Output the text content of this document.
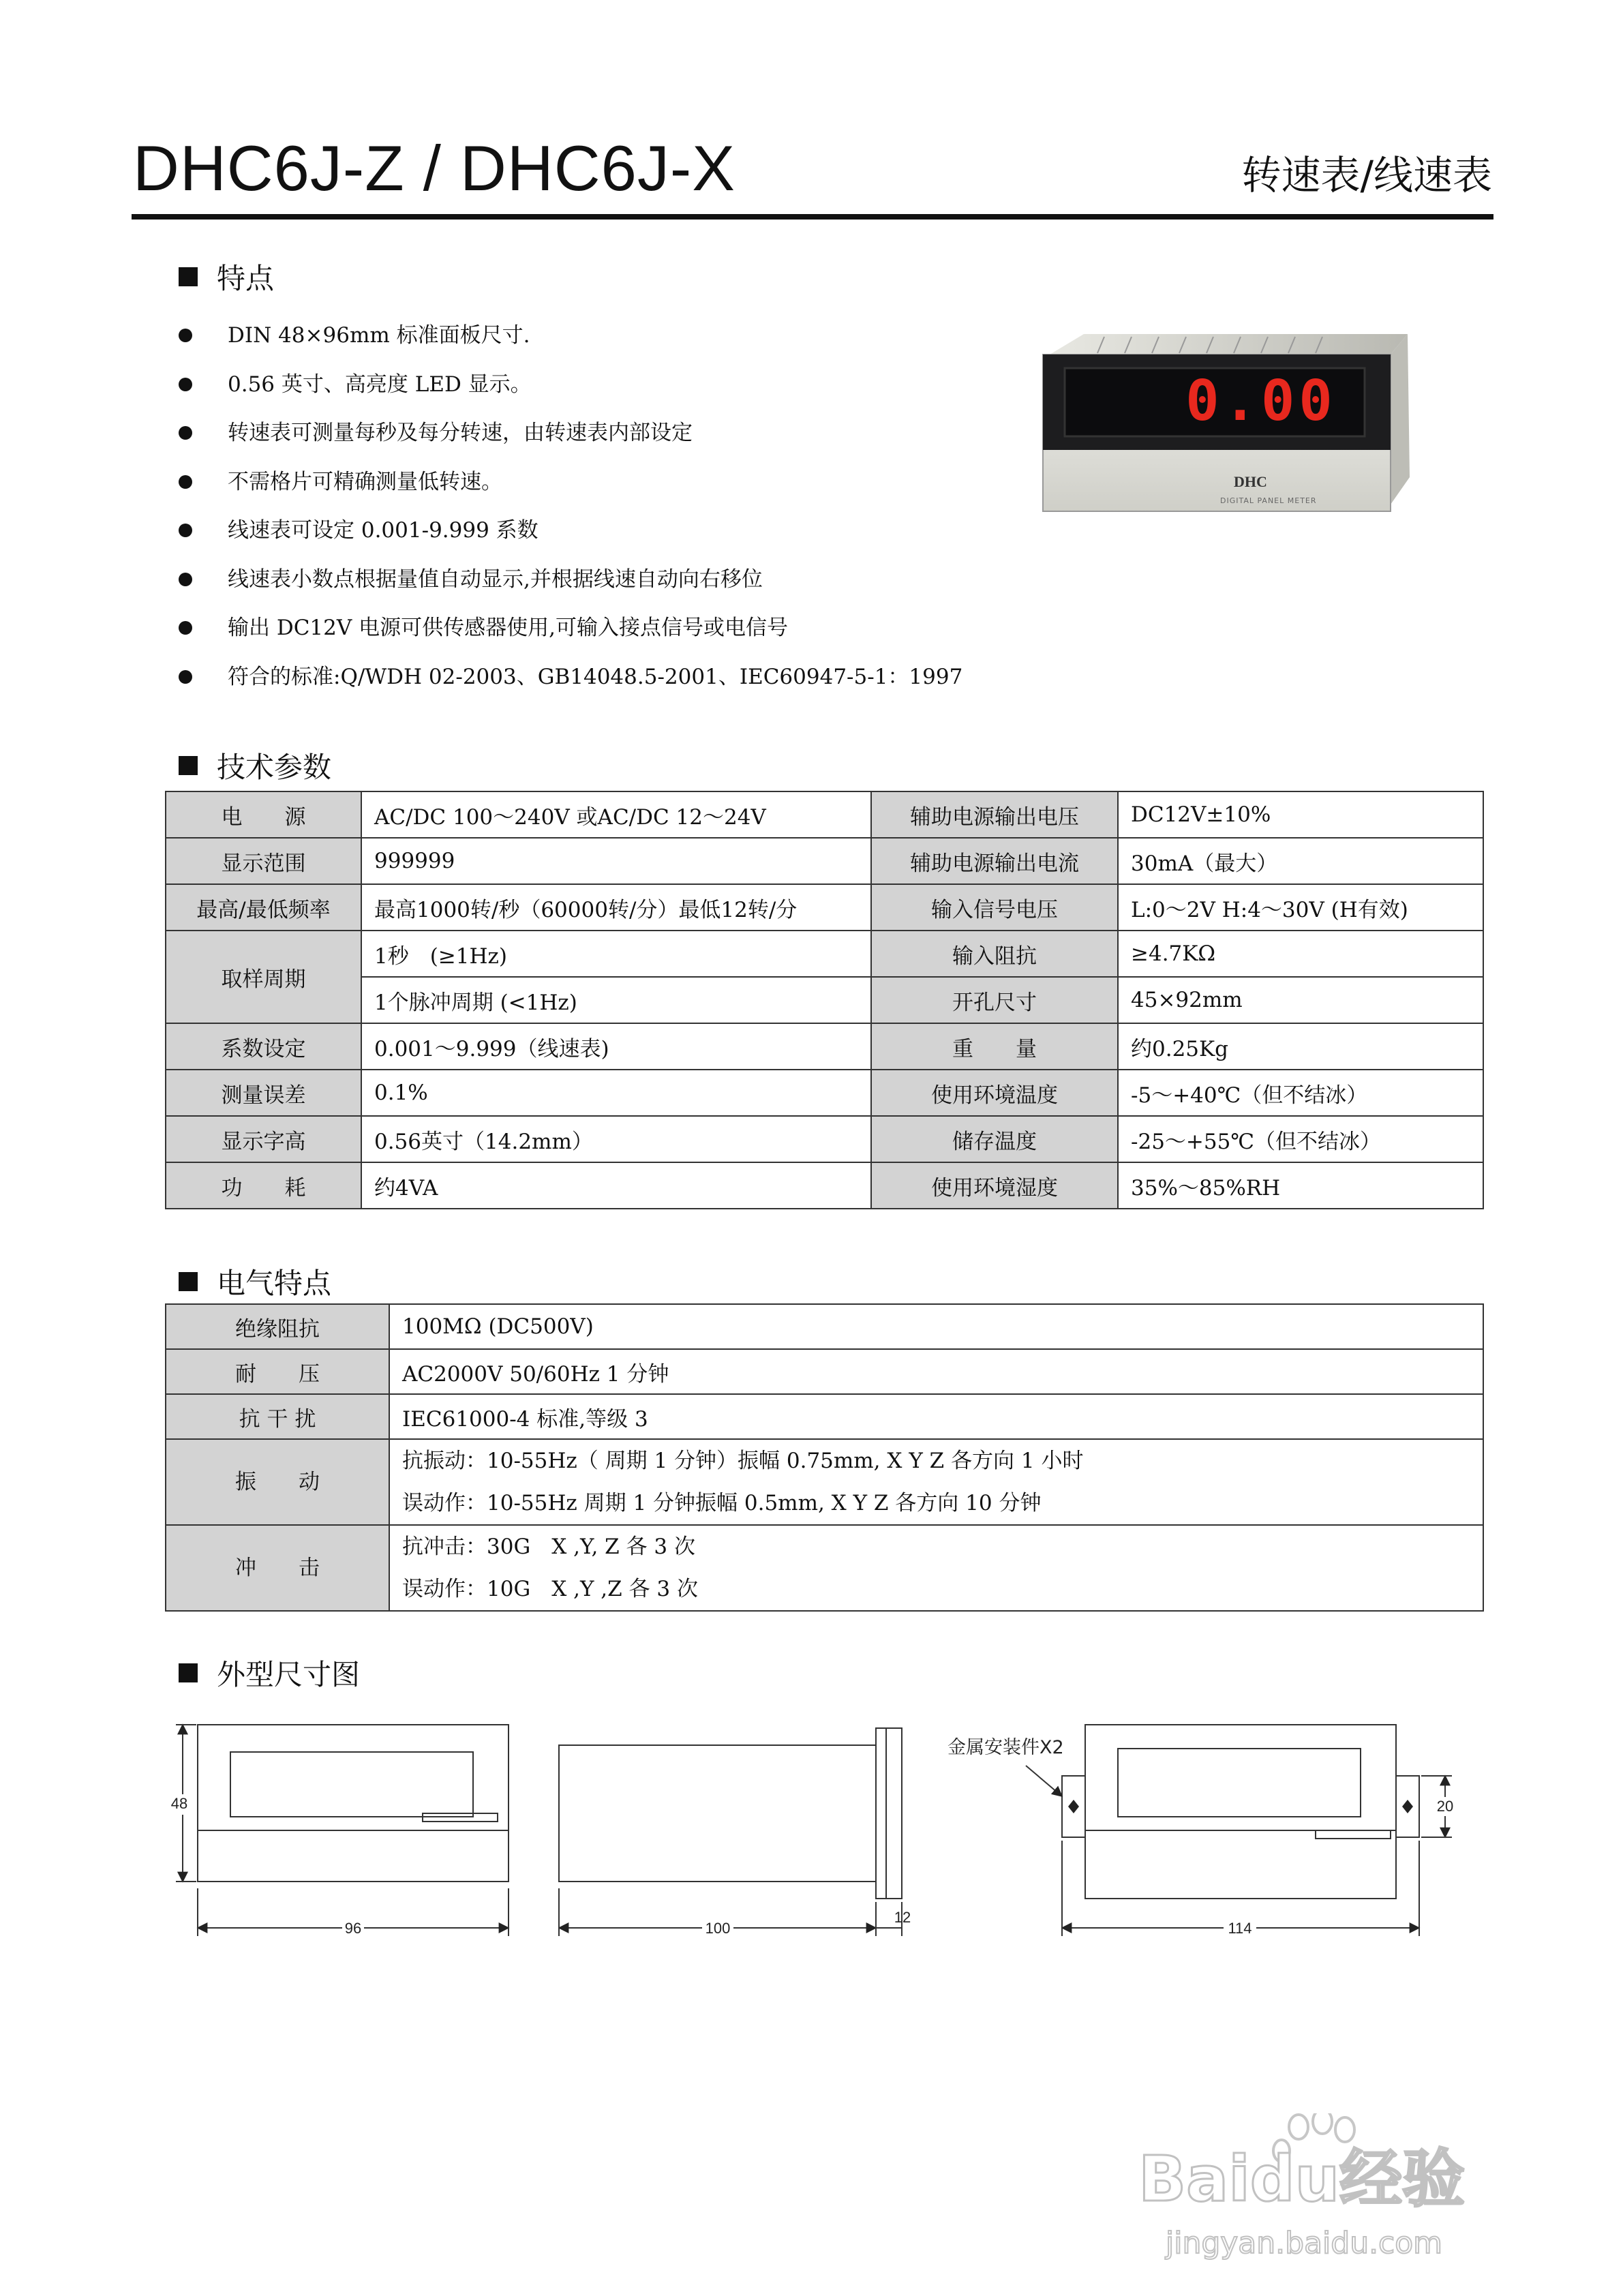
DHC6J-Z / DHC6J-X	转速表/线速表
特点
DIN 48×96mm 标准面板尺寸.
0.56 英寸、高亮度 LED 显示。
转速表可测量每秒及每分转速，由转速表内部设定
不需格片可精确测量低转速。
线速表可设定 0.001-9.999 系数
线速表小数点根据量值自动显示,并根据线速自动向右移位
输出 DC12V 电源可供传感器使用,可输入接点信号或电信号
符合的标准:Q/WDH 02-2003、GB14048.5-2001、IEC60947-5-1：1997
0.00
DHC
DIGITAL PANEL METER
技术参数
电　　源	AC/DC 100～240V 或AC/DC 12～24V	辅助电源输出电压	DC12V±10%
显示范围	999999	辅助电源输出电流	30mA（最大）
最高/最低频率	最高1000转/秒（60000转/分）最低12转/分	输入信号电压	L:0～2V H:4～30V (H有效)
取样周期	1秒　(≥1Hz)	输入阻抗	≥4.7KΩ
	1个脉冲周期 (<1Hz)	开孔尺寸	45×92mm
系数设定	0.001～9.999（线速表)	重　　量	约0.25Kg
测量误差	0.1%	使用环境温度	-5～+40℃（但不结冰）
显示字高	0.56英寸（14.2mm）	储存温度	-25～+55℃（但不结冰）
功　　耗	约4VA	使用环境湿度	35%～85%RH
电气特点
绝缘阻抗	100MΩ (DC500V)
耐　　压	AC2000V 50/60Hz 1 分钟
抗 干 扰	IEC61000-4 标准,等级 3
振　　动	抗振动：10-55Hz（ 周期 1 分钟）振幅 0.75mm, X Y Z 各方向 1 小时
误动作：10-55Hz 周期 1 分钟振幅 0.5mm, X Y Z 各方向 10 分钟

冲　　击	抗冲击：30G　X ,Y, Z 各 3 次
误动作：10G　X ,Y ,Z 各 3 次
外型尺寸图
48
96	100
12
114
20
金属安装件X2
Baidu经验
jingyan.baidu.com
